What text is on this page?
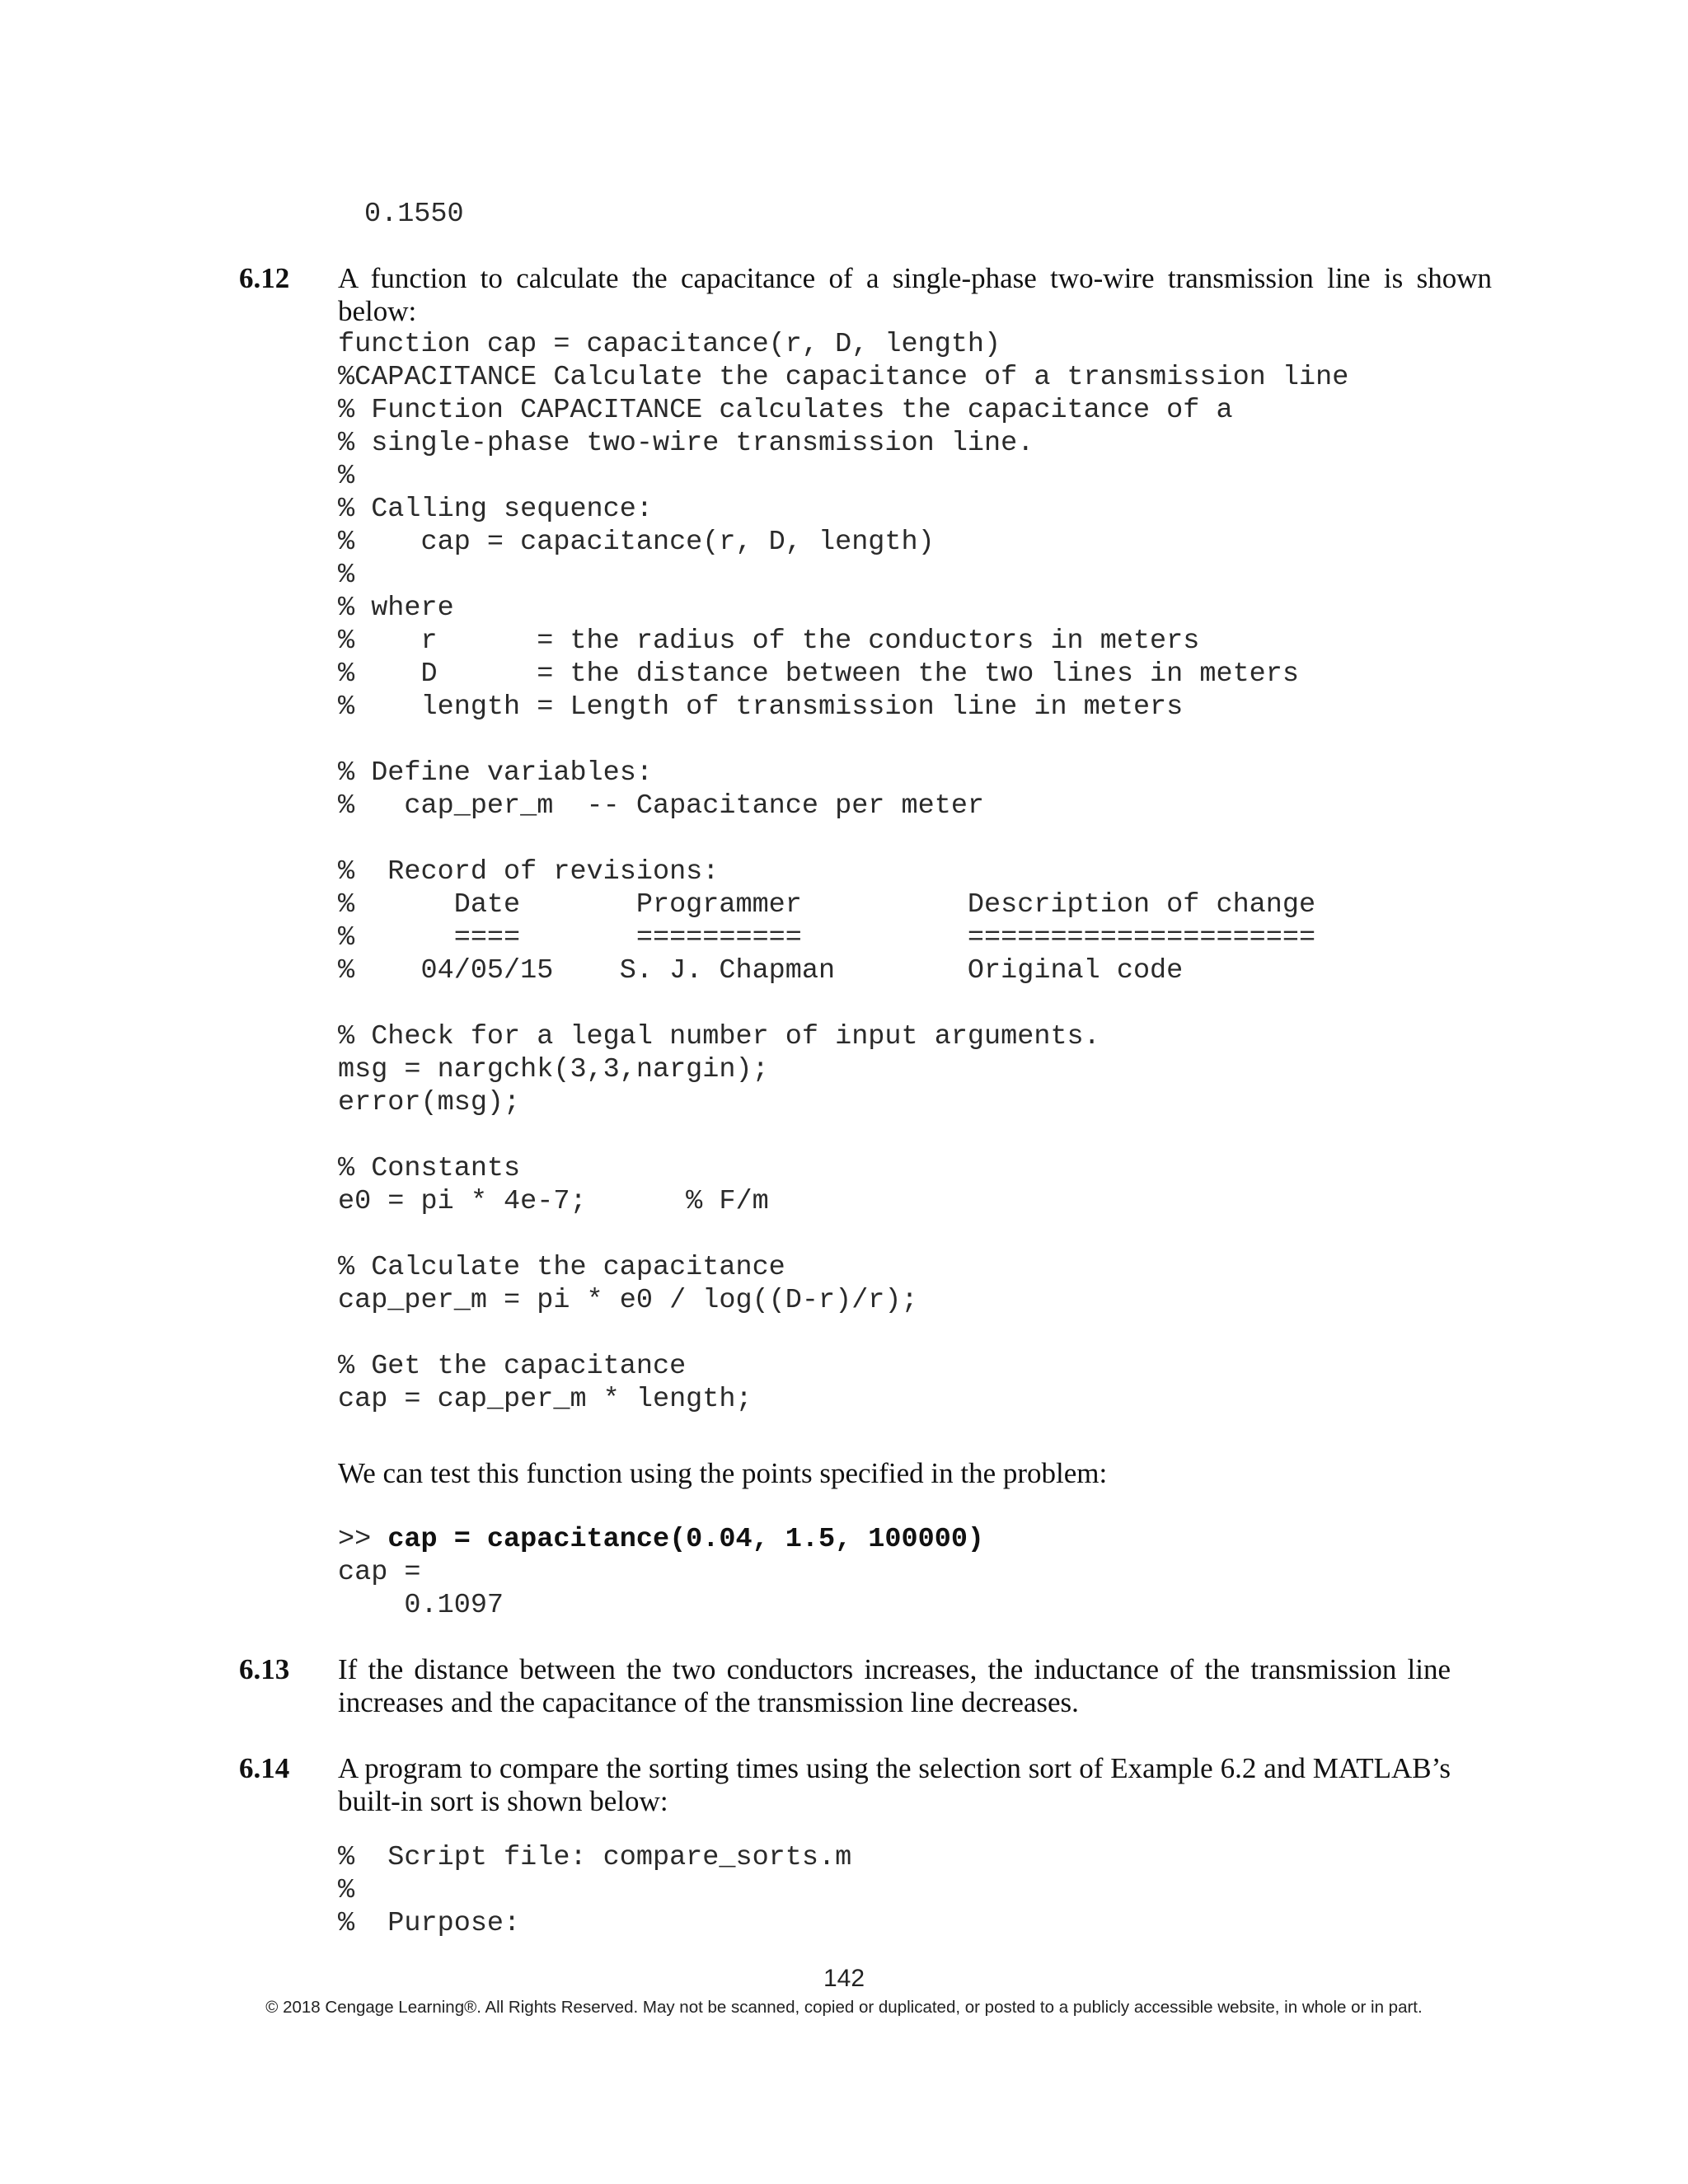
0.1550
6.12 A function to calculate the capacitance of a single-phase two-wire transmission line is shown below:
function cap = capacitance(r, D, length)
%CAPACITANCE Calculate the capacitance of a transmission line
% Function CAPACITANCE calculates the capacitance of a
% single-phase two-wire transmission line.
%
% Calling sequence:
%    cap = capacitance(r, D, length)
%
% where
%    r      = the radius of the conductors in meters
%    D      = the distance between the two lines in meters
%    length = Length of transmission line in meters

% Define variables:
%   cap_per_m  -- Capacitance per meter

%  Record of revisions:
%      Date       Programmer          Description of change
%      ====       ==========          =====================
%    04/05/15    S. J. Chapman        Original code

% Check for a legal number of input arguments.
msg = nargchk(3,3,nargin);
error(msg);

% Constants
e0 = pi * 4e-7;      % F/m

% Calculate the capacitance
cap_per_m = pi * e0 / log((D-r)/r);

% Get the capacitance
cap = cap_per_m * length;
We can test this function using the points specified in the problem:
>> cap = capacitance(0.04, 1.5, 100000)
cap =
0.1097
6.13 If the distance between the two conductors increases, the inductance of the transmission line increases and the capacitance of the transmission line decreases.
6.14 A program to compare the sorting times using the selection sort of Example 6.2 and MATLAB’s built-in sort is shown below:
%  Script file: compare_sorts.m
%
%  Purpose:
142
© 2018 Cengage Learning®. All Rights Reserved. May not be scanned, copied or duplicated, or posted to a publicly accessible website, in whole or in part.
